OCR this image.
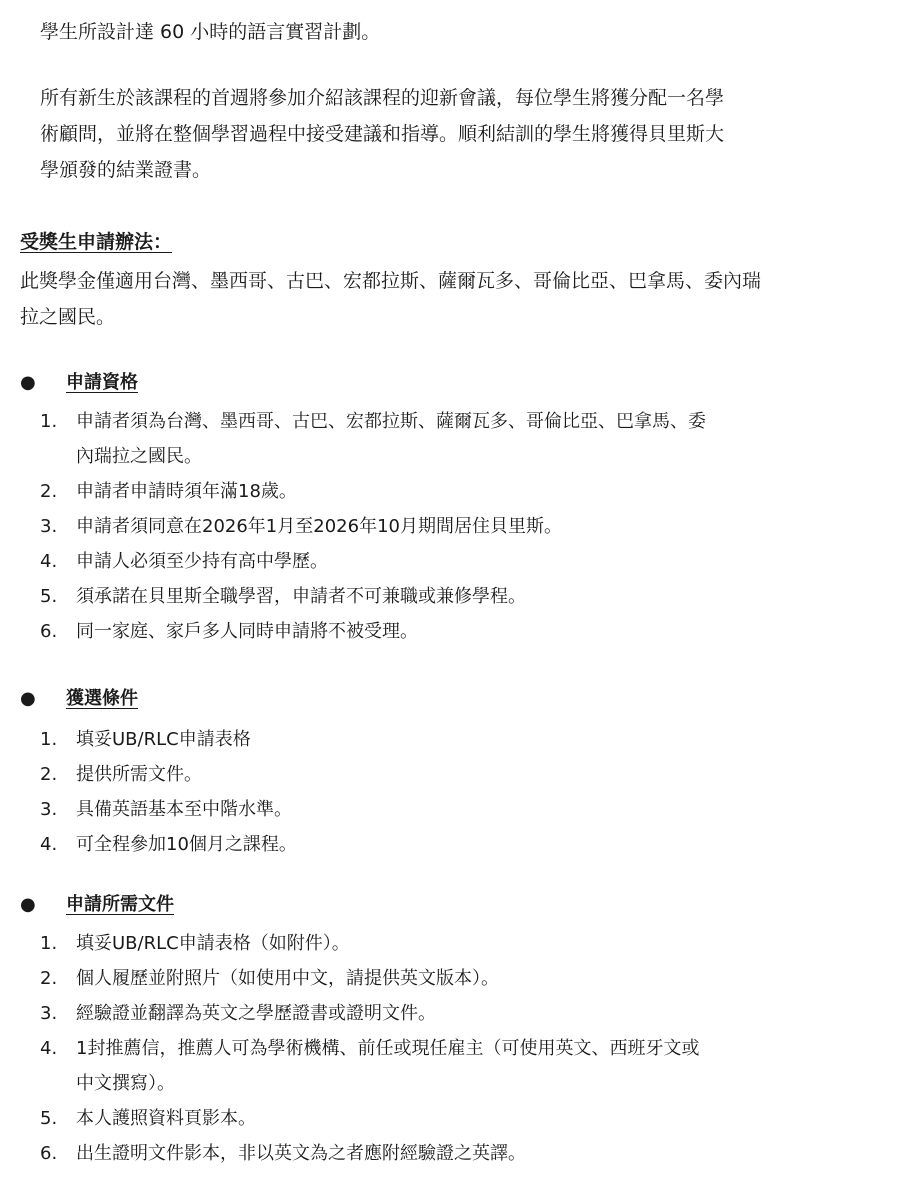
學生所設計達 60 小時的語言實習計劃。

所有新生於該課程的首週將參加介紹該課程的迎新會議，每位學生將獲分配一名學
術顧問，並將在整個學習過程中接受建議和指導。順利結訓的學生將獲得貝里斯大
學頒發的結業證書。

受獎生申請辦法：

此獎學金僅適用台灣、墨西哥、古巴、宏都拉斯、薩爾瓦多、哥倫比亞、巴拿馬、委內瑞
拉之國民。

● 申請資格
1. 申請者須為台灣、墨西哥、古巴、宏都拉斯、薩爾瓦多、哥倫比亞、巴拿馬、委
內瑞拉之國民。
2. 申請者申請時須年滿18歲。
3. 申請者須同意在2026年1月至2026年10月期間居住貝里斯。
4. 申請人必須至少持有高中學歷。
5. 須承諾在貝里斯全職學習，申請者不可兼職或兼修學程。
6. 同一家庭、家戶多人同時申請將不被受理。
● 獲選條件
1. 填妥UB/RLC申請表格
2. 提供所需文件。
3. 具備英語基本至中階水準。
4. 可全程參加10個月之課程。
● 申請所需文件
1. 填妥UB/RLC申請表格（如附件）。
2. 個人履歷並附照片（如使用中文，請提供英文版本）。
3. 經驗證並翻譯為英文之學歷證書或證明文件。
4. 1封推薦信，推薦人可為學術機構、前任或現任雇主（可使用英文、西班牙文或
中文撰寫）。
5. 本人護照資料頁影本。
6. 出生證明文件影本，非以英文為之者應附經驗證之英譯。
